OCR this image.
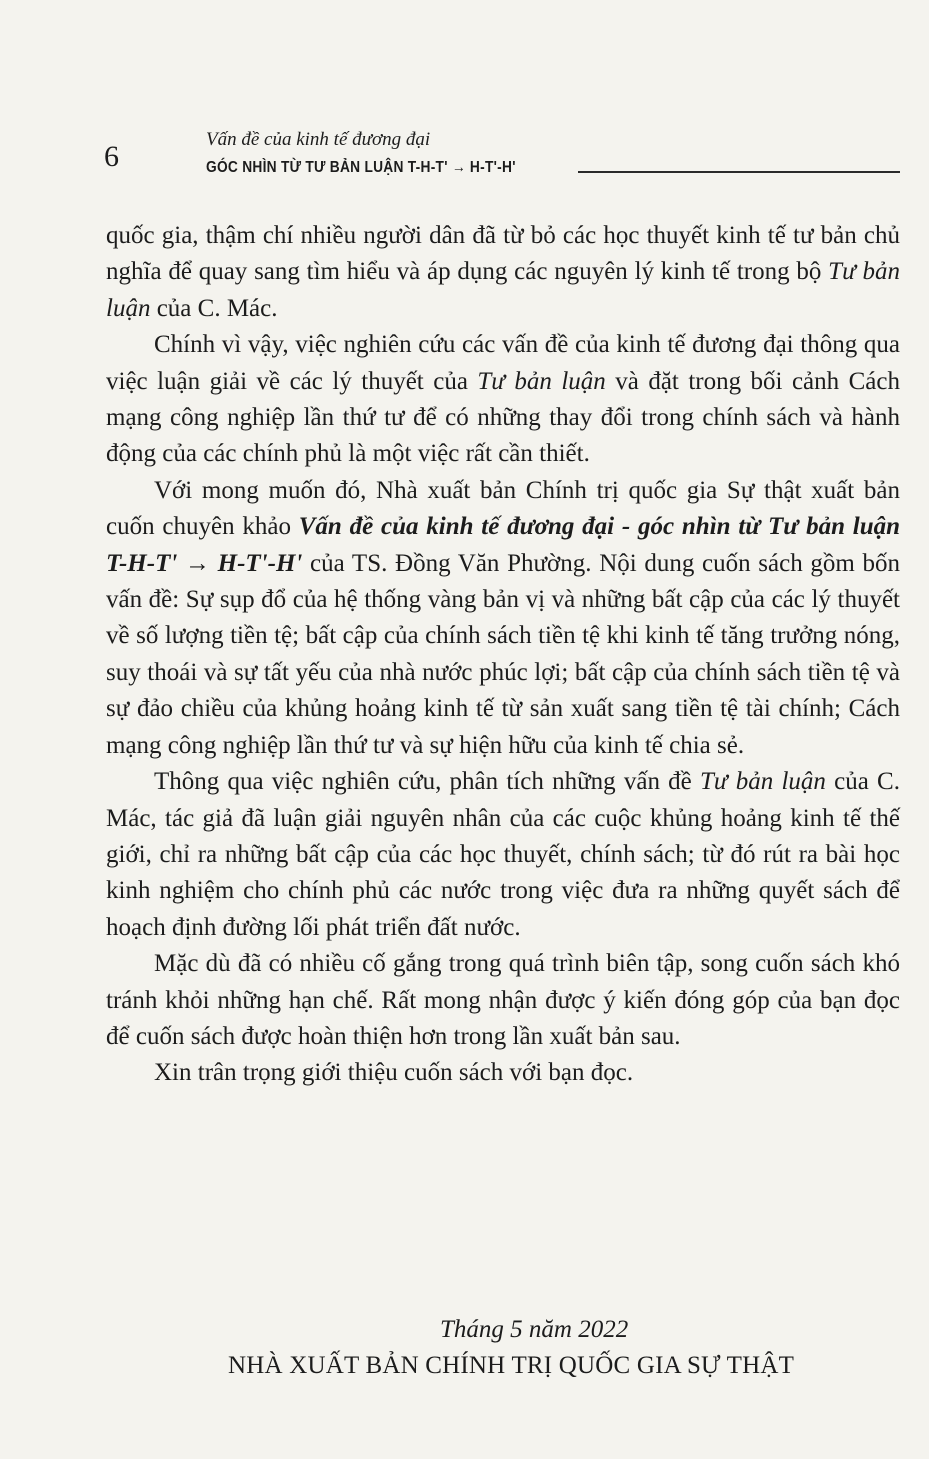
6
Vấn đề của kinh tế đương đại
GÓC NHÌN TỪ TƯ BẢN LUẬN T-H-T' → H-T'-H'

quốc gia, thậm chí nhiều người dân đã từ bỏ các học thuyết kinh tế tư bản chủ nghĩa để quay sang tìm hiểu và áp dụng các nguyên lý kinh tế trong bộ Tư bản luận của C. Mác.

Chính vì vậy, việc nghiên cứu các vấn đề của kinh tế đương đại thông qua việc luận giải về các lý thuyết của Tư bản luận và đặt trong bối cảnh Cách mạng công nghiệp lần thứ tư để có những thay đổi trong chính sách và hành động của các chính phủ là một việc rất cần thiết.

Với mong muốn đó, Nhà xuất bản Chính trị quốc gia Sự thật xuất bản cuốn chuyên khảo Vấn đề của kinh tế đương đại - góc nhìn từ Tư bản luận T-H-T' → H-T'-H' của TS. Đồng Văn Phường. Nội dung cuốn sách gồm bốn vấn đề: Sự sụp đổ của hệ thống vàng bản vị và những bất cập của các lý thuyết về số lượng tiền tệ; bất cập của chính sách tiền tệ khi kinh tế tăng trưởng nóng, suy thoái và sự tất yếu của nhà nước phúc lợi; bất cập của chính sách tiền tệ và sự đảo chiều của khủng hoảng kinh tế từ sản xuất sang tiền tệ tài chính; Cách mạng công nghiệp lần thứ tư và sự hiện hữu của kinh tế chia sẻ.

Thông qua việc nghiên cứu, phân tích những vấn đề Tư bản luận của C. Mác, tác giả đã luận giải nguyên nhân của các cuộc khủng hoảng kinh tế thế giới, chỉ ra những bất cập của các học thuyết, chính sách; từ đó rút ra bài học kinh nghiệm cho chính phủ các nước trong việc đưa ra những quyết sách để hoạch định đường lối phát triển đất nước.

Mặc dù đã có nhiều cố gắng trong quá trình biên tập, song cuốn sách khó tránh khỏi những hạn chế. Rất mong nhận được ý kiến đóng góp của bạn đọc để cuốn sách được hoàn thiện hơn trong lần xuất bản sau.

Xin trân trọng giới thiệu cuốn sách với bạn đọc.

Tháng 5 năm 2022
NHÀ XUẤT BẢN CHÍNH TRỊ QUỐC GIA SỰ THẬT
